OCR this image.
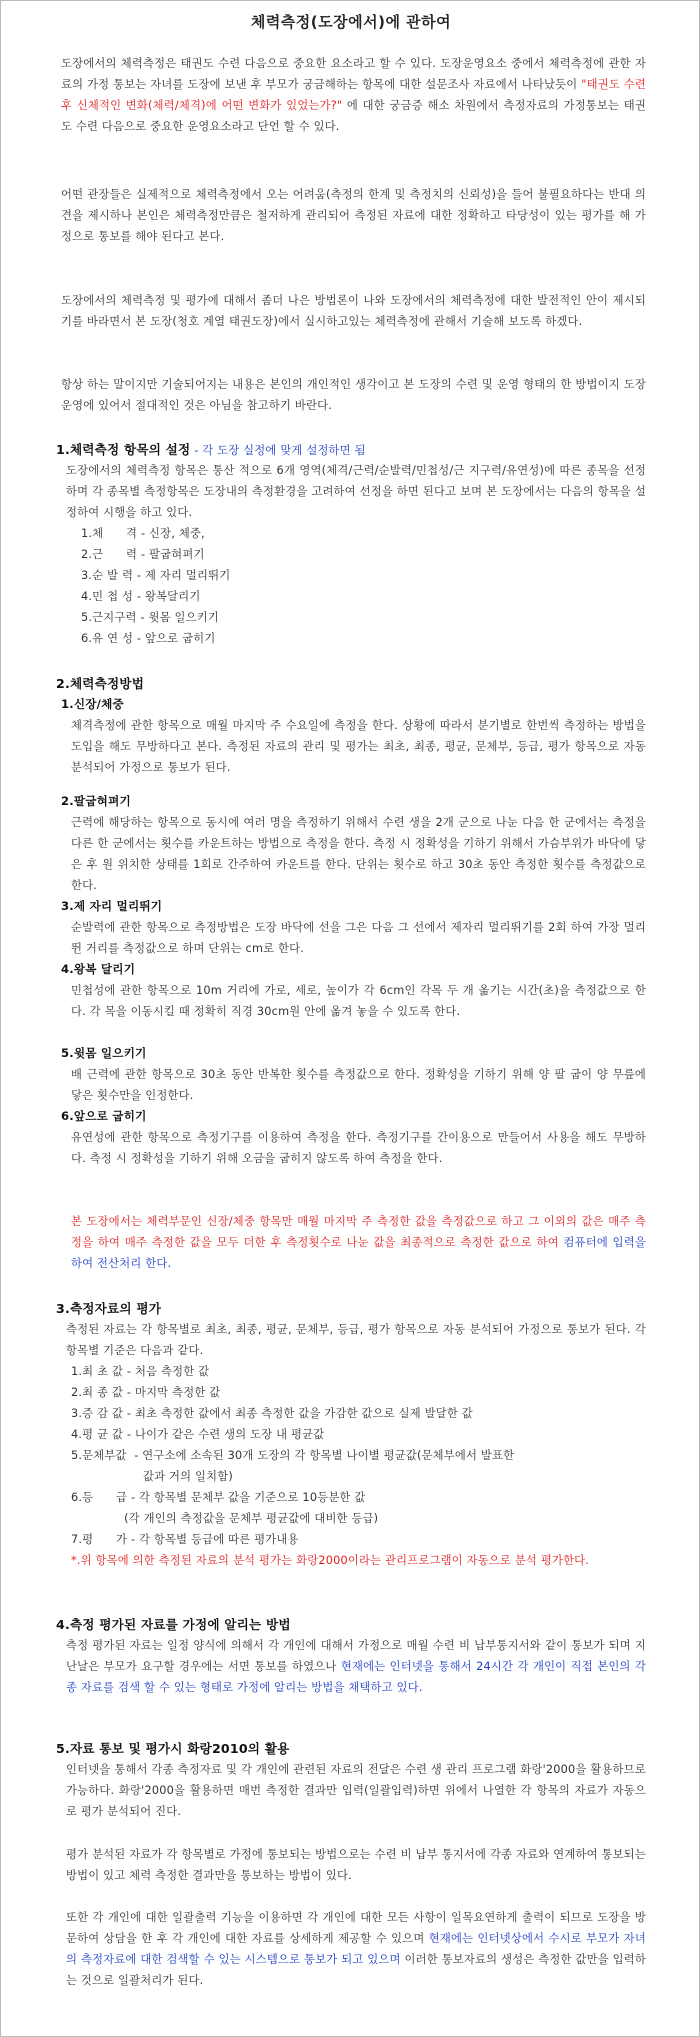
체력측정(도장에서)에 관하여

도장에서의 체력측정은 태권도 수련 다음으로 중요한 요소라고 할 수 있다. 도장운영요소 중에서 체력측정에 관한 자료의 가정 통보는 자녀를 도장에 보낸 후 부모가 궁금해하는 항목에 대한 설문조사 자료에서 나타났듯이 "태권도 수련후 신체적인 변화(체력/체격)에 어떤 변화가 있었는가?" 에 대한 궁금증 해소 차원에서 측정자료의 가정통보는 태권도 수련 다음으로 중요한 운영요소라고 단언 할 수 있다.

어떤 관장들은 실제적으로 체력측정에서 오는 어려움(측정의 한계 및 측정치의 신뢰성)을 들어 불필요하다는 반대 의견을 제시하나 본인은 체력측정만큼은 철저하게 관리되어 측정된 자료에 대한 정확하고 타당성이 있는 평가를 해 가정으로 통보를 해야 된다고 본다.

도장에서의 체력측정 및 평가에 대해서 좀더 나은 방법론이 나와 도장에서의 체력측정에 대한 발전적인 안이 제시되기를 바라면서 본 도장(청호 계열 태권도장)에서 실시하고있는 체력측정에 관해서 기술해 보도록 하겠다.

항상 하는 말이지만 기술되어지는 내용은 본인의 개인적인 생각이고 본 도장의 수련 및 운영 형태의 한 방법이지 도장 운영에 있어서 절대적인 것은 아님을 참고하기 바란다.

1.체력측정 항목의 설정 - 각 도장 실정에 맞게 설정하면 됨

도장에서의 체력측정 항목은 통산 적으로 6개 영역(체격/근력/순발력/민첩성/근 지구력/유연성)에 따른 종목을 선정하며 각 종목별 측정항목은 도장내의 측정환경을 고려하여 선정을 하면 된다고 보며 본 도장에서는 다음의 항목을 설정하여 시행을 하고 있다.

1.체      격 - 신장, 체중,
2.근      력 - 팔굽혀펴기
3.순 발 력 - 제 자리 멀리뛰기
4.민 첩 성 - 왕복달리기
5.근지구력 - 윗몸 일으키기
6.유 연 성 - 앞으로 굽히기

2.체력측정방법

1.신장/체중

체격측정에 관한 항목으로 매월 마지막 주 수요일에 측정을 한다. 상황에 따라서 분기별로 한번씩 측정하는 방법을 도입을 해도 무방하다고 본다. 측정된 자료의 관리 및 평가는 최초, 최종, 평균, 문체부, 등급, 평가 항목으로 자동 분석되어 가정으로 통보가 된다.

2.팔굽혀펴기

근력에 해당하는 항목으로 동시에 여러 명을 측정하기 위해서 수련 생을 2개 군으로 나눈 다음 한 군에서는 측정을 다른 한 군에서는 횟수를 카운트하는 방법으로 측정을 한다. 측정 시 정확성을 기하기 위해서 가슴부위가 바닥에 닿은 후 원 위치한 상태를 1회로 간주하여 카운트를 한다. 단위는 횟수로 하고 30초 동안 측정한 횟수를 측정값으로 한다.

3.제 자리 멀리뛰기

순발력에 관한 항목으로 측정방법은 도장 바닥에 선을 그은 다음 그 선에서 제자리 멀리뛰기를 2회 하여 가장 멀리 뛴 거리를 측정값으로 하며 단위는 cm로 한다.

4.왕복 달리기

민첩성에 관한 항목으로 10m 거리에 가로, 세로, 높이가 각 6cm인 각목 두 개 옮기는 시간(초)을 측정값으로 한다. 각 목을 이동시킬 때 정확히 직경 30cm원 안에 옮겨 놓을 수 있도록 한다.

5.윗몸 일으키기

배 근력에 관한 항목으로 30초 동안 반복한 횟수를 측정값으로 한다. 정확성을 기하기 위해 양 팔 굽이 양 무릎에 닿은 횟수만을 인정한다.

6.앞으로 굽히기

유연성에 관한 항목으로 측정기구를 이용하여 측정을 한다. 측정기구를 간이용으로 만들어서 사용을 해도 무방하다. 측정 시 정확성을 기하기 위해 오금을 굽히지 않도록 하여 측정을 한다.

본 도장에서는 체력부문인 신장/체중 항목만 매월 마지막 주 측정한 값을 측정값으로 하고 그 이외의 값은 매주 측정을 하여 매주 측정한 값을 모두 더한 후 측정횟수로 나눈 값을 최종적으로 측정한 값으로 하여 컴퓨터에 입력을 하여 전산처리 한다.

3.측정자료의 평가

측정된 자료는 각 항목별로 최초, 최종, 평균, 문체부, 등급, 평가 항목으로 자동 분석되어 가정으로 통보가 된다. 각 항목별 기준은 다음과 같다.

1.최 초 값 - 처음 측정한 값
2.최 종 값 - 마지막 측정한 값
3.증 감 값 - 최초 측정한 값에서 최종 측정한 값을 가감한 값으로 실제 발달한 값
4.평 균 값 - 나이가 같은 수련 생의 도장 내 평균값
5.문체부값  - 연구소에 소속된 30개 도장의 각 항목별 나이별 평균값(문체부에서 발표한
값과 거의 일치함)
6.등      급 - 각 항목별 문체부 값을 기준으로 10등분한 값
(각 개인의 측정값을 문체부 평균값에 대비한 등급)
7.평      가 - 각 항목별 등급에 따른 평가내용

*.위 항목에 의한 측정된 자료의 분석 평가는 화랑2000이라는 관리프로그램이 자동으로 분석 평가한다.

4.측정 평가된 자료를 가정에 알리는 방법

측정 평가된 자료는 일정 양식에 의해서 각 개인에 대해서 가정으로 매월 수련 비 납부통지서와 같이 통보가 되며 지난날은 부모가 요구할 경우에는 서면 통보를 하였으나 현재에는 인터넷을 통해서 24시간 각 개인이 직접 본인의 각종 자료를 검색 할 수 있는 형태로 가정에 알리는 방법을 채택하고 있다.

5.자료 통보 및 평가시 화랑2010의 활용

인터넷을 통해서 각종 측정자료 및 각 개인에 관련된 자료의 전달은 수련 생 관리 프로그램 화랑'2000을 활용하므로 가능하다. 화랑'2000을 활용하면 매번 측정한 결과만 입력(일괄입력)하면 위에서 나열한 각 항목의 자료가 자동으로 평가 분석되어 진다.

평가 분석된 자료가 각 항목별로 가정에 통보되는 방법으로는 수련 비 납부 통지서에 각종 자료와 연계하여 통보되는 방법이 있고 체력 측정한 결과만을 통보하는 방법이 있다.

또한 각 개인에 대한 일괄출력 기능을 이용하면 각 개인에 대한 모든 사항이 일목요연하게 출력이 되므로 도장을 방문하여 상담을 한 후 각 개인에 대한 자료를 상세하게 제공할 수 있으며 현재에는 인터넷상에서 수시로 부모가 자녀의 측정자료에 대한 검색할 수 있는 시스템으로 통보가 되고 있으며 이러한 통보자료의 생성은 측정한 값만을 입력하는 것으로 일괄처리가 된다.
